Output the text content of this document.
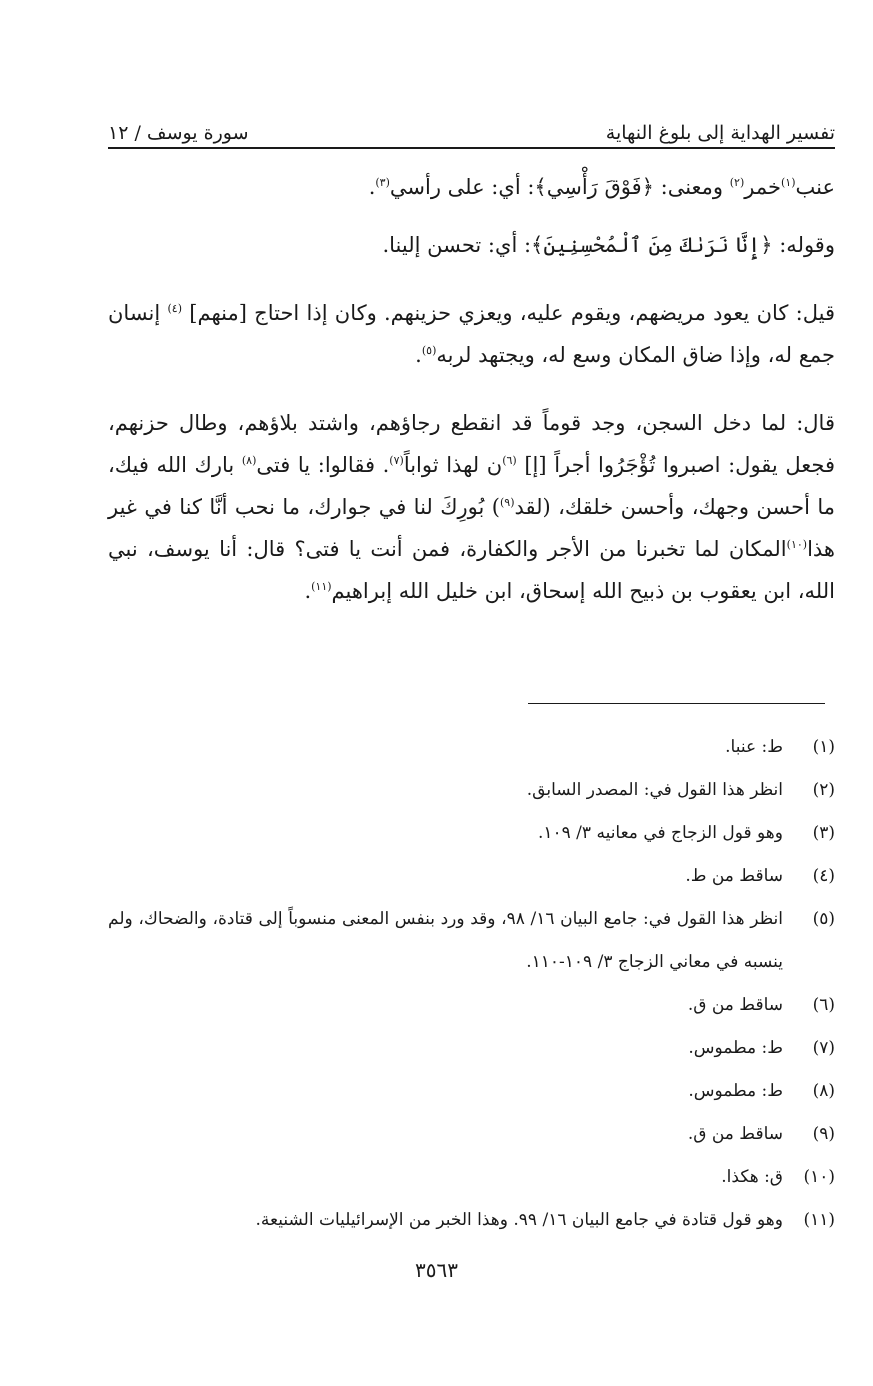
تفسير الهداية إلى بلوغ النهاية
سورة يوسف / ١٢

عنب$^{(١)}$خمر$^{(٢)}$ ومعنى: ﴿فَوْقَ رَأْسِي﴾: أي: على رأسي$^{(٣)}$.

وقوله: ﴿إِنَّا نَرَىٰكَ مِنَ ٱلْمُحْسِنِينَ﴾: أي: تحسن إلينا.

قيل: كان يعود مريضهم، ويقوم عليه، ويعزي حزينهم. وكان إذا احتاج [منهم] $^{(٤)}$ إنسان جمع له، وإذا ضاق المكان وسع له، ويجتهد لربه$^{(٥)}$.

قال: لما دخل السجن، وجد قوماً قد انقطع رجاؤهم، واشتد بلاؤهم، وطال حزنهم، فجعل يقول: اصبروا تُؤْجَرُوا أجراً [إ] $^{(٦)}$ن لهذا ثواباً$^{(٧)}$. فقالوا: يا فتى$^{(٨)}$ بارك الله فيك، ما أحسن وجهك، وأحسن خلقك، (لقد$^{(٩)}$) بُورِكَ لنا في جوارك، ما نحب أنَّا كنا في غير هذا$^{(١٠)}$المكان لما تخبرنا من الأجر والكفارة، فمن أنت يا فتى؟ قال: أنا يوسف، نبي الله، ابن يعقوب بن ذبيح الله إسحاق، ابن خليل الله إبراهيم$^{(١١)}$.

(١)
ط: عنبا.
(٢)
انظر هذا القول في: المصدر السابق.
(٣)
وهو قول الزجاج في معانيه ٣/ ١٠٩.
(٤)
ساقط من ط.
(٥)
انظر هذا القول في: جامع البيان ١٦/ ٩٨، وقد ورد بنفس المعنى منسوباً إلى قتادة، والضحاك، ولم ينسبه في معاني الزجاج ٣/ ١٠٩-١١٠.
(٦)
ساقط من ق.
(٧)
ط: مطموس.
(٨)
ط: مطموس.
(٩)
ساقط من ق.
(١٠)
ق: هكذا.
(١١)
وهو قول قتادة في جامع البيان ١٦/ ٩٩. وهذا الخبر من الإسرائيليات الشنيعة.
٣٥٦٣
